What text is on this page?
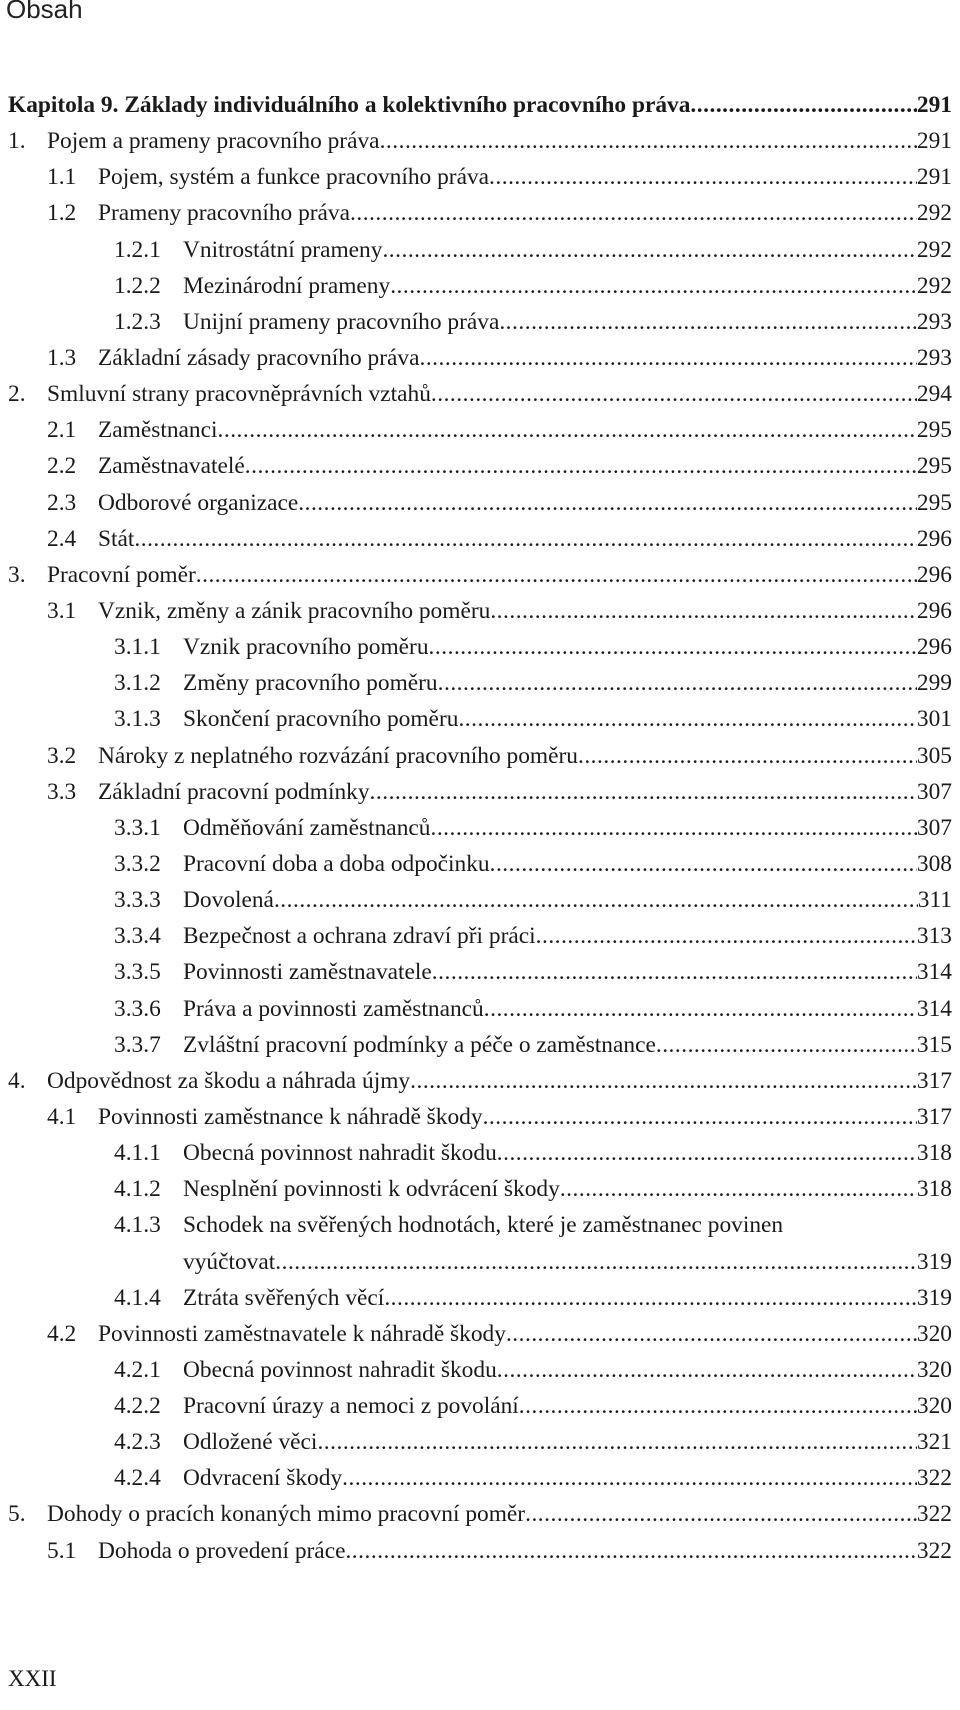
Obsah
Kapitola 9. Základy individuálního a kolektivního pracovního práva .....	291
1. Pojem a prameny pracovního práva .....	291
1.1 Pojem, systém a funkce pracovního práva .....	291
1.2 Prameny pracovního práva .....	292
1.2.1 Vnitrostátní prameny .....	292
1.2.2 Mezinárodní prameny .....	292
1.2.3 Unijní prameny pracovního práva .....	293
1.3 Základní zásady pracovního práva .....	293
2. Smluvní strany pracovněprávních vztahů .....	294
2.1 Zaměstnanci .....	295
2.2 Zaměstnavatelé .....	295
2.3 Odborové organizace .....	295
2.4 Stát .....	296
3. Pracovní poměr .....	296
3.1 Vznik, změny a zánik pracovního poměru .....	296
3.1.1 Vznik pracovního poměru .....	296
3.1.2 Změny pracovního poměru .....	299
3.1.3 Skončení pracovního poměru .....	301
3.2 Nároky z neplatného rozvázání pracovního poměru .....	305
3.3 Základní pracovní podmínky .....	307
3.3.1 Odměňování zaměstnanců .....	307
3.3.2 Pracovní doba a doba odpočinku .....	308
3.3.3 Dovolená .....	311
3.3.4 Bezpečnost a ochrana zdraví při práci .....	313
3.3.5 Povinnosti zaměstnavatele .....	314
3.3.6 Práva a povinnosti zaměstnanců .....	314
3.3.7 Zvláštní pracovní podmínky a péče o zaměstnance .....	315
4. Odpovědnost za škodu a náhrada újmy .....	317
4.1 Povinnosti zaměstnance k náhradě škody .....	317
4.1.1 Obecná povinnost nahradit škodu .....	318
4.1.2 Nesplnění povinnosti k odvrácení škody .....	318
4.1.3 Schodek na svěřených hodnotách, které je zaměstnanec povinen
vyúčtovat .....	319
4.1.4 Ztráta svěřených věcí .....	319
4.2 Povinnosti zaměstnavatele k náhradě škody .....	320
4.2.1 Obecná povinnost nahradit škodu .....	320
4.2.2 Pracovní úrazy a nemoci z povolání .....	320
4.2.3 Odložené věci .....	321
4.2.4 Odvracení škody .....	322
5. Dohody o pracích konaných mimo pracovní poměr .....	322
5.1 Dohoda o provedení práce .....	322
XXII
